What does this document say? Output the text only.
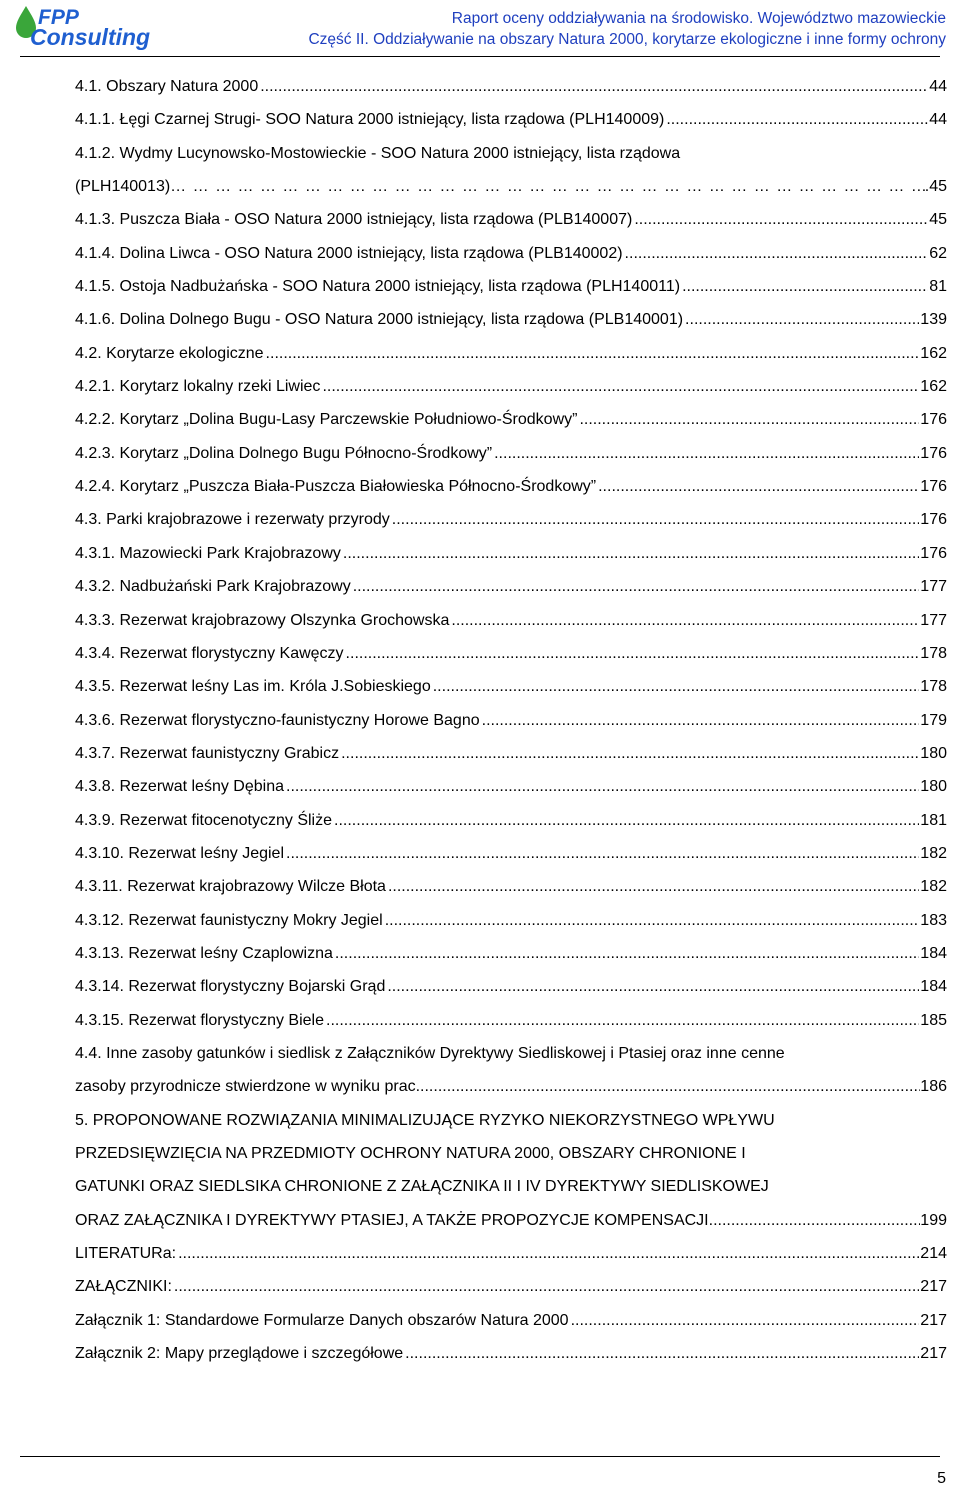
FPP
Consulting
Raport oceny oddziaływania na środowisko. Województwo mazowieckie
Część II. Oddziaływanie na obszary Natura 2000, korytarze ekologiczne i inne formy ochrony
4.1. Obszary Natura 2000 .....	44
4.1.1. Łęgi Czarnej Strugi- SOO Natura 2000 istniejący, lista rządowa (PLH140009) .....	44
4.1.2. Wydmy Lucynowsko-Mostowieckie - SOO Natura 2000 istniejący, lista rządowa
(PLH140013) … … … … … … … … … … … … … … … … … … … … … … … … … … … … … … … … … … … … … … … … … … … … … … … … … … … … …	.45
4.1.3. Puszcza Biała - OSO Natura 2000 istniejący, lista rządowa (PLB140007) .....	45
4.1.4. Dolina Liwca - OSO Natura 2000 istniejący, lista rządowa (PLB140002) .....	62
4.1.5. Ostoja Nadbużańska - SOO Natura 2000 istniejący, lista rządowa (PLH140011) .....	81
4.1.6. Dolina Dolnego Bugu - OSO Natura 2000 istniejący, lista rządowa (PLB140001) .....	139
4.2. Korytarze ekologiczne .....	162
4.2.1. Korytarz lokalny rzeki Liwiec .....	162
4.2.2. Korytarz „Dolina Bugu-Lasy Parczewskie Południowo-Środkowy” .....	176
4.2.3. Korytarz „Dolina Dolnego Bugu Północno-Środkowy” .....	176
4.2.4. Korytarz „Puszcza Biała-Puszcza Białowieska Północno-Środkowy” .....	176
4.3. Parki krajobrazowe i rezerwaty przyrody .....	176
4.3.1. Mazowiecki Park Krajobrazowy .....	176
4.3.2. Nadbużański Park Krajobrazowy .....	177
4.3.3. Rezerwat krajobrazowy Olszynka Grochowska .....	177
4.3.4. Rezerwat florystyczny Kawęczy .....	178
4.3.5. Rezerwat leśny Las im. Króla J.Sobieskiego .....	178
4.3.6. Rezerwat florystyczno-faunistyczny Horowe Bagno .....	179
4.3.7. Rezerwat faunistyczny Grabicz .....	180
4.3.8. Rezerwat leśny Dębina .....	180
4.3.9. Rezerwat fitocenotyczny Śliże .....	181
4.3.10. Rezerwat leśny Jegiel .....	182
4.3.11. Rezerwat krajobrazowy Wilcze Błota .....	182
4.3.12. Rezerwat faunistyczny Mokry Jegiel .....	183
4.3.13. Rezerwat leśny Czaplowizna .....	184
4.3.14. Rezerwat florystyczny Bojarski Grąd .....	184
4.3.15. Rezerwat florystyczny Biele .....	185
4.4. Inne zasoby gatunków i siedlisk z Załączników Dyrektywy Siedliskowej i Ptasiej oraz inne cenne
zasoby przyrodnicze stwierdzone w wyniku prac .....	186
5. PROPONOWANE ROZWIĄZANIA MINIMALIZUJĄCE RYZYKO NIEKORZYSTNEGO WPŁYWU
PRZEDSIĘWZIĘCIA NA PRZEDMIOTY OCHRONY NATURA 2000, OBSZARY CHRONIONE I
GATUNKI ORAZ SIEDLSIKA CHRONIONE Z ZAŁĄCZNIKA II I IV DYREKTYWY SIEDLISKOWEJ
ORAZ ZAŁĄCZNIKA I DYREKTYWY PTASIEJ, A TAKŻE PROPOZYCJE KOMPENSACJI .....	199
LITERATURa: .....	214
ZAŁĄCZNIKI: .....	217
Załącznik 1: Standardowe Formularze Danych obszarów Natura 2000 .....	217
Załącznik 2: Mapy przeglądowe i szczegółowe .....	217
5
